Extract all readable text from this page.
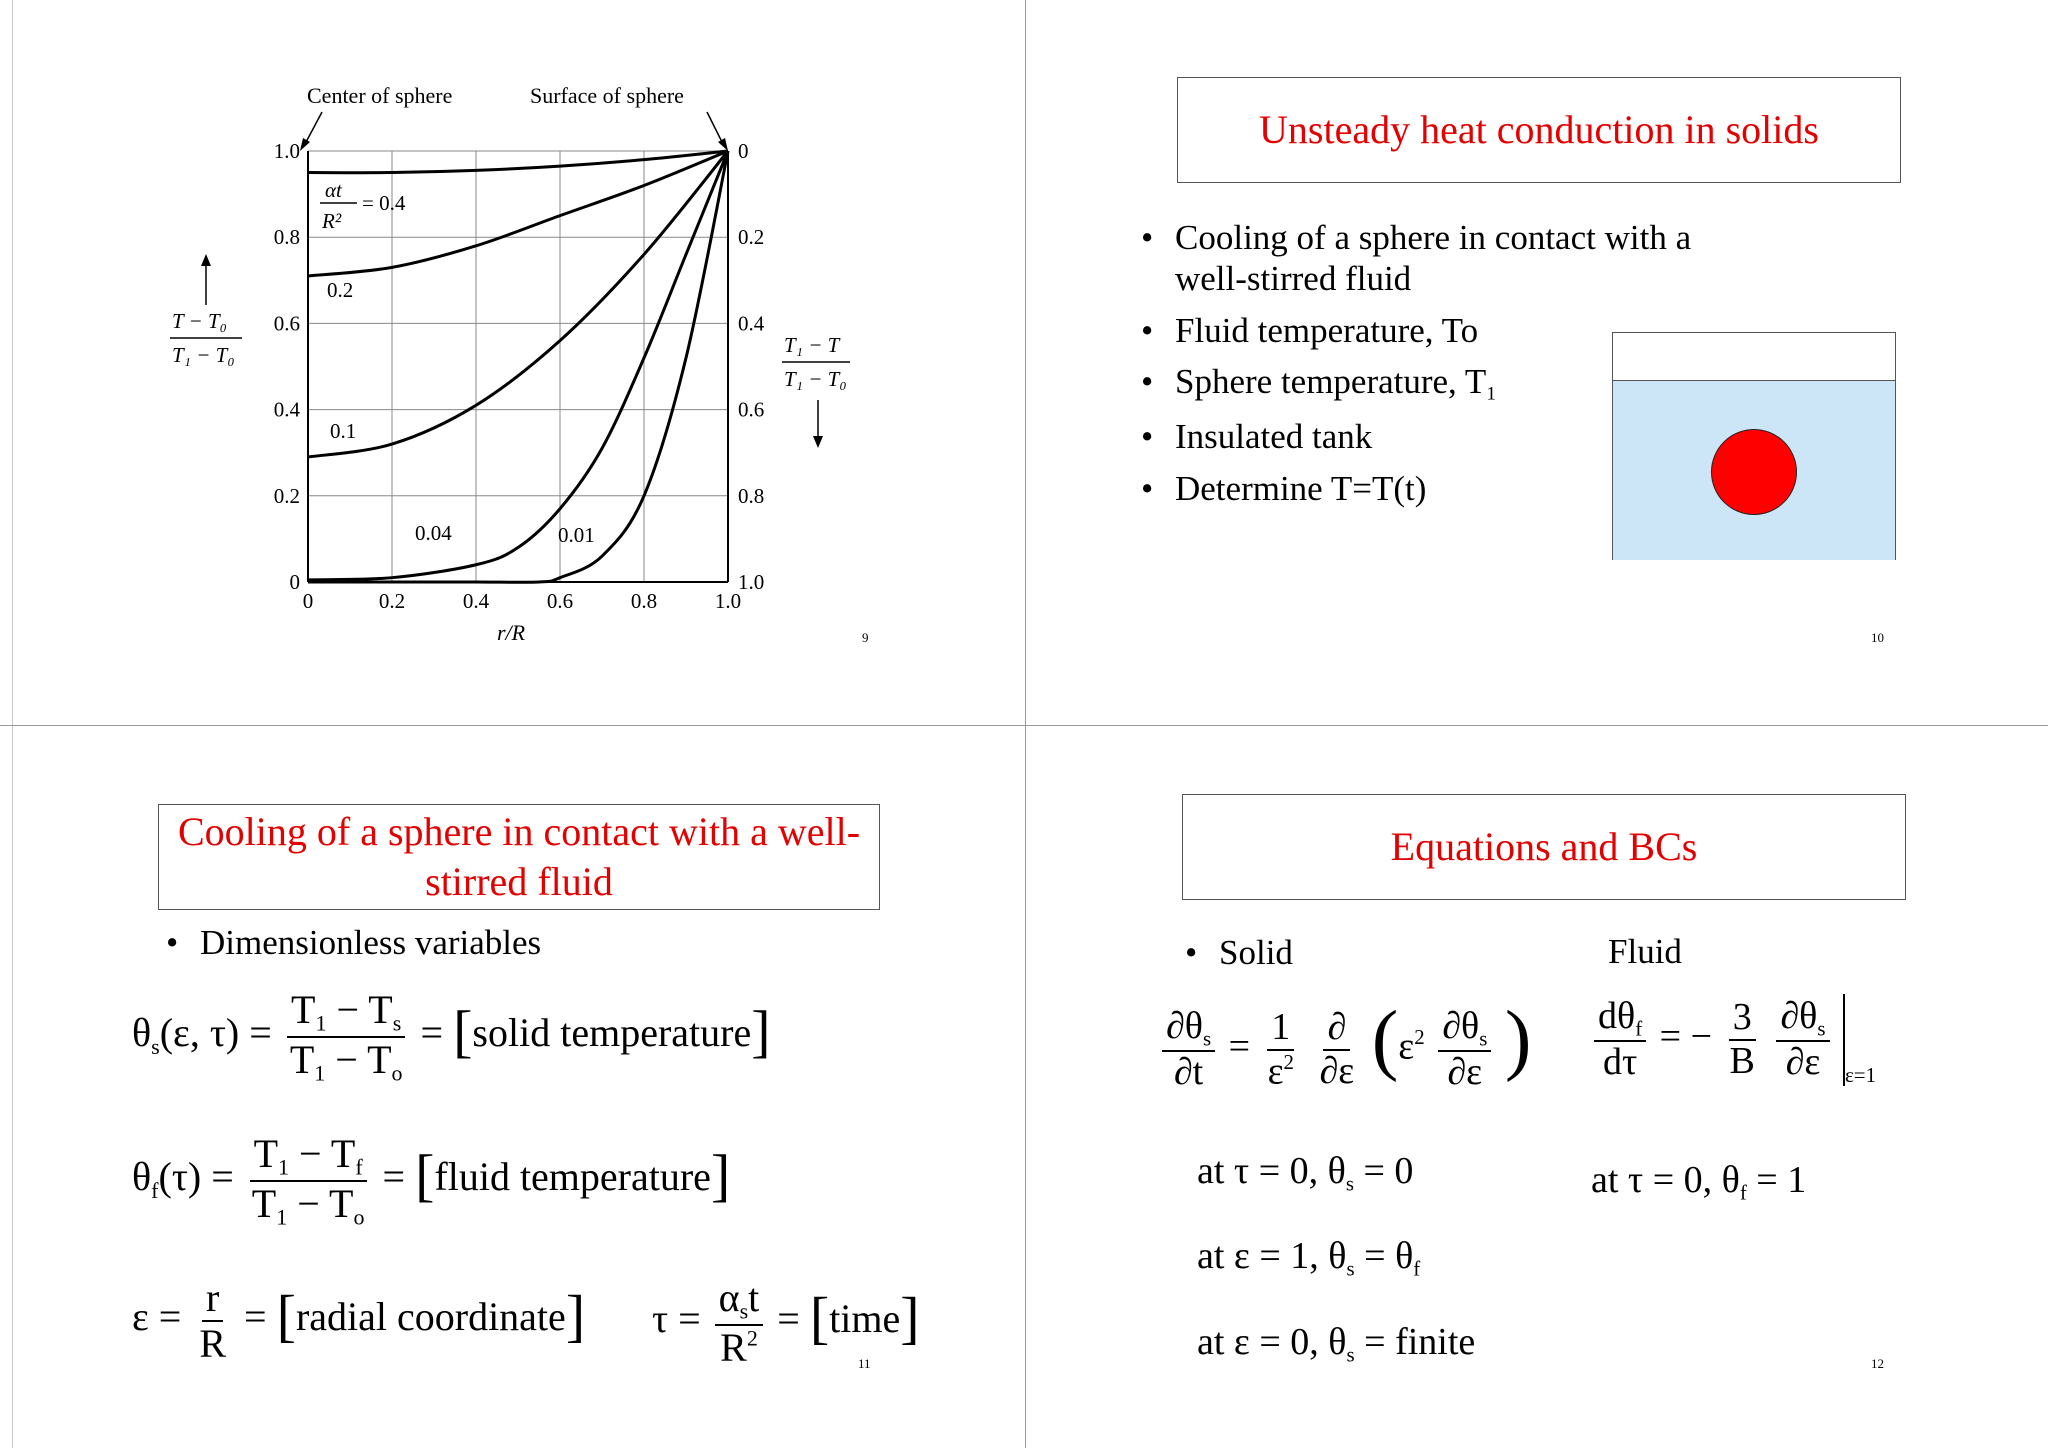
0	0.2	0.4	0.6	0.8	1.0
0
0.2
0.4
0.6
0.8
1.0
1.0
0.8
0.6
0.4
0.2
0
Center of sphere	Surface of sphere
αt
R²
= 0.4
0.2
0.1
0.04	0.01
T − T₀
T₁ − T₀	T₁ − T
T₁ − T₀
r/R	9
Unsteady heat conduction in solids
• Cooling of a sphere in contact with a well-stirred fluid
• Fluid temperature, To
• Sphere temperature, $T_1$
• Insulated tank
• Determine T=T(t)
10
Cooling of a sphere in contact with a well-stirred fluid
• Dimensionless variables
$\theta_s(\varepsilon$, $\tau) = \frac{T_1 - T_s}{T_1 - T_o}$ = [solid temperature]
$\theta_f(\tau) = \frac{T_1 - T_f}{T_1 - T_o}$ = [fluid temperature]
$\varepsilon = \frac{r}{R}$ = [radial coordinate] $\tau = \frac{\alpha_st}{R^2}$ = [time]
11
Equations and BCs
• Solid	Fluid
$\frac{\partial\theta_s}{\partial t} = \frac{1}{\varepsilon^2}$
$\frac{\partial}{\partial\varepsilon} (\varepsilon^2 \frac{\partial\theta_s}{\partial\varepsilon}$ ) $\frac{d\theta_f}{d\tau}$ = − $\frac{3}{B}$
$\frac{\partial\theta_s}{\partial\varepsilon} _{\varepsilon=1}$
at τ = 0, $\theta_s = 0$
at ε = 1, $\theta_s = \theta_f$
at ε = 0, $\theta_s$ = finite
at τ = 0, $\theta_f = 1$
12
